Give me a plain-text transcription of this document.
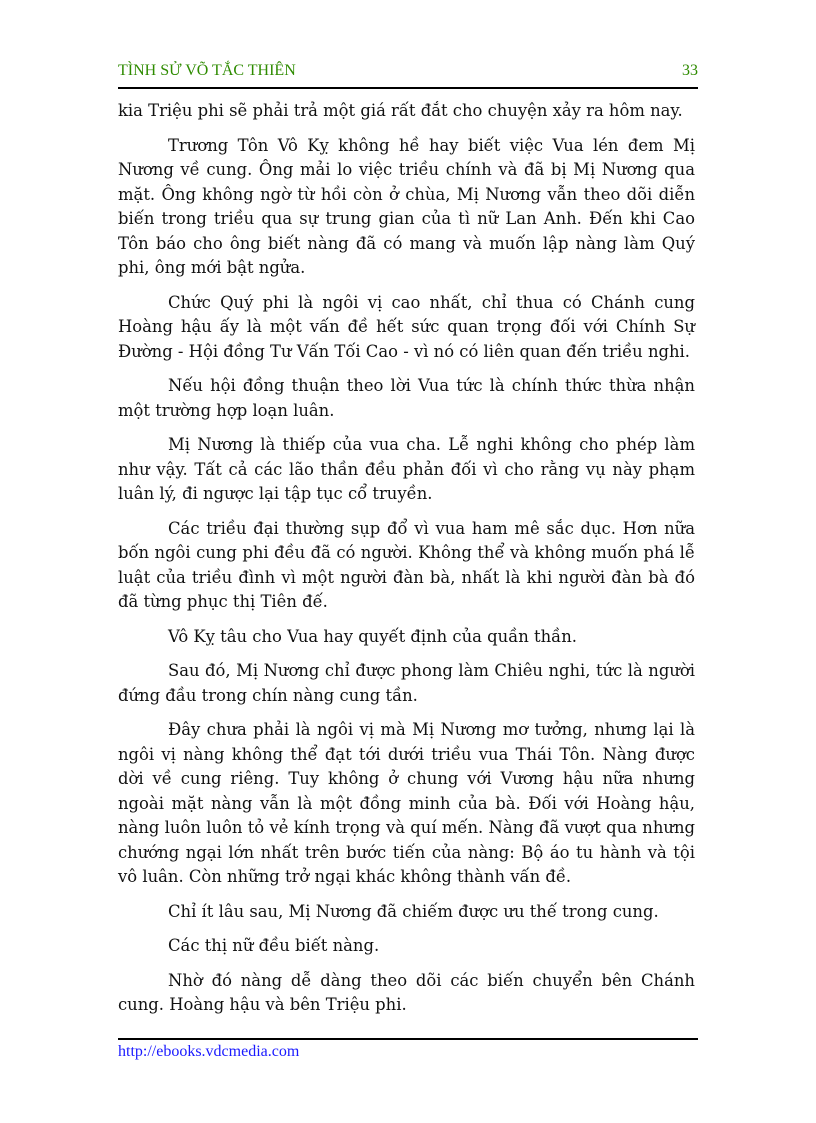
TÌNH SỬ VÕ TẮC THIÊN	33

kia Triệu phi sẽ phải trả một giá rất đắt cho chuyện xảy ra hôm nay.

Trương Tôn Vô Kỵ không hề hay biết việc Vua lén đem Mị Nương về cung. Ông mải lo việc triều chính và đã bị Mị Nương qua mặt. Ông không ngờ từ hồi còn ở chùa, Mị Nương vẫn theo dõi diễn biến trong triều qua sự trung gian của tì nữ Lan Anh. Đến khi Cao Tôn báo cho ông biết nàng đã có mang và muốn lập nàng làm Quý phi, ông mới bật ngửa.

Chức Quý phi là ngôi vị cao nhất, chỉ thua có Chánh cung Hoàng hậu ấy là một vấn đề hết sức quan trọng đối với Chính Sự Đường - Hội đồng Tư Vấn Tối Cao - vì nó có liên quan đến triều nghi.

Nếu hội đồng thuận theo lời Vua tức là chính thức thừa nhận một trường hợp loạn luân.

Mị Nương là thiếp của vua cha. Lễ nghi không cho phép làm như vậy. Tất cả các lão thần đều phản đối vì cho rằng vụ này phạm luân lý, đi ngược lại tập tục cổ truyền.

Các triều đại thường sụp đổ vì vua ham mê sắc dục. Hơn nữa bốn ngôi cung phi đều đã có người. Không thể và không muốn phá lễ luật của triều đình vì một người đàn bà, nhất là khi người đàn bà đó đã từng phục thị Tiên đế.

Vô Kỵ tâu cho Vua hay quyết định của quần thần.

Sau đó, Mị Nương chỉ được phong làm Chiêu nghi, tức là người đứng đầu trong chín nàng cung tần.

Đây chưa phải là ngôi vị mà Mị Nương mơ tưởng, nhưng lại là ngôi vị nàng không thể đạt tới dưới triều vua Thái Tôn. Nàng được dời về cung riêng. Tuy không ở chung với Vương hậu nữa nhưng ngoài mặt nàng vẫn là một đồng minh của bà. Đối với Hoàng hậu, nàng luôn luôn tỏ vẻ kính trọng và quí mến. Nàng đã vượt qua nhưng chướng ngại lớn nhất trên bước tiến của nàng: Bộ áo tu hành và tội vô luân. Còn những trở ngại khác không thành vấn đề.

Chỉ ít lâu sau, Mị Nương đã chiếm được ưu thế trong cung.

Các thị nữ đều biết nàng.

Nhờ đó nàng dễ dàng theo dõi các biến chuyển bên Chánh cung. Hoàng hậu và bên Triệu phi.

http://ebooks.vdcmedia.com
